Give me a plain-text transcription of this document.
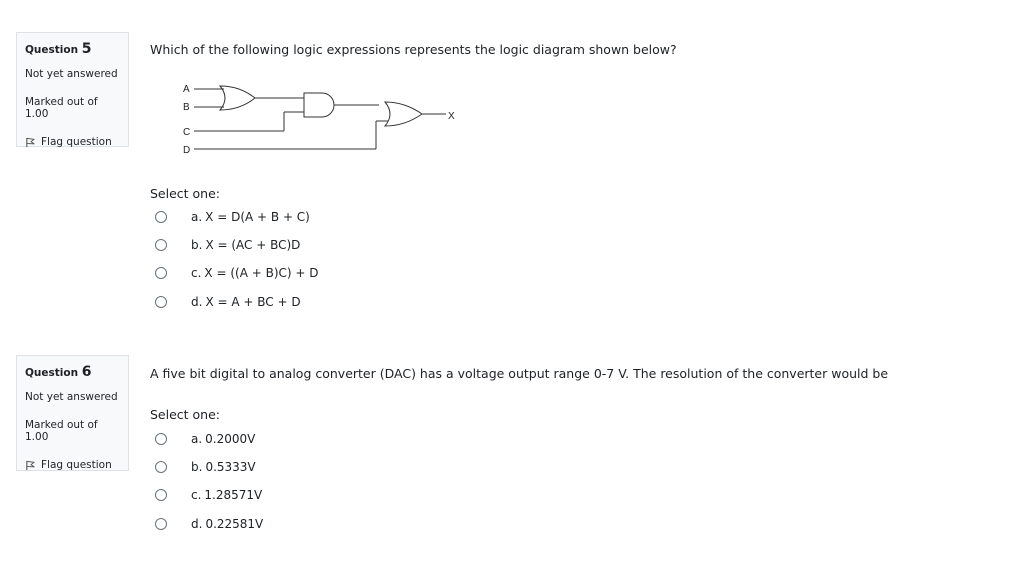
Question 5
Not yet answered
Marked out of 1.00
Flag question
Which of the following logic expressions represents the logic diagram shown below?
Select one:
a. X = D(A + B + C)
b. X = (AC + BC)D
c. X = ((A + B)C) + D
d. X = A + BC + D
A
B
C
D
X
Question 6
Not yet answered
Marked out of 1.00
Flag question
A five bit digital to analog converter (DAC) has a voltage output range 0-7 V. The resolution of the converter would be
Select one:
a. 0.2000V
b. 0.5333V
c. 1.28571V
d. 0.22581V
